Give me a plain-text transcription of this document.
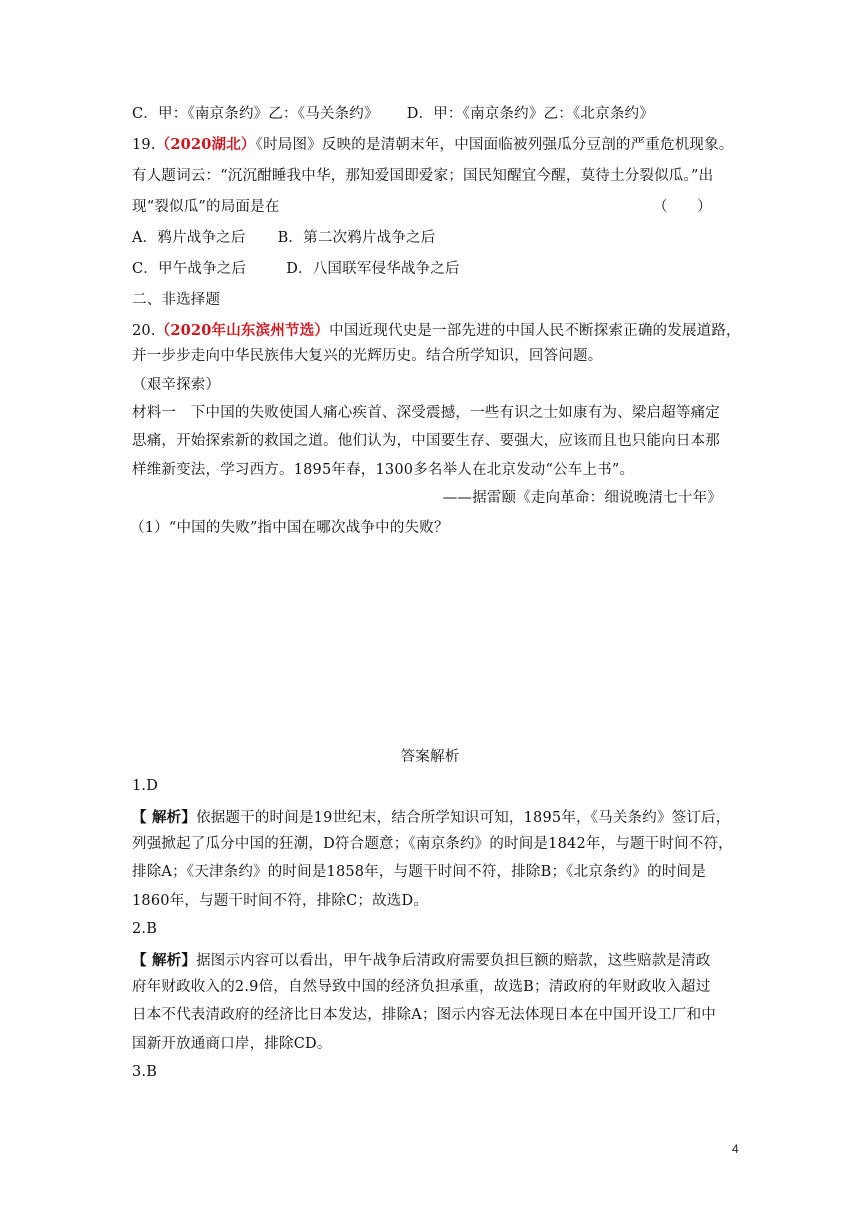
C．甲：《南京条约》乙：《马关条约》 D．甲：《南京条约》乙：《北京条约》
19.（2020湖北）《时局图》反映的是清朝末年，中国面临被列强瓜分豆剖的严重危机现象。
有人题词云：“沉沉酣睡我中华，那知爱国即爱家；国民知醒宜今醒，莫待土分裂似瓜。”出
现“裂似瓜”的局面是在	（　　）
A．鸦片战争之后 B．第二次鸦片战争之后
C．甲午战争之后	D．八国联军侵华战争之后
二、非选择题
20.（2020年山东滨州节选）中国近现代史是一部先进的中国人民不断探索正确的发展道路，
并一步步走向中华民族伟大复兴的光辉历史。结合所学知识，回答问题。
（艰辛探索）
材料一　下中国的失败使国人痛心疾首、深受震撼，一些有识之士如康有为、梁启超等痛定
思痛，开始探索新的救国之道。他们认为，中国要生存、要强大，应该而且也只能向日本那
样维新变法，学习西方。1895年春，1300多名举人在北京发动“公车上书”。
——据雷颐《走向革命：细说晚清七十年》
（1）“中国的失败”指中国在哪次战争中的失败？
答案解析
1.D
【 解析】依据题干的时间是19世纪末，结合所学知识可知，1895年，《马关条约》签订后，
列强掀起了瓜分中国的狂潮，D符合题意；《南京条约》的时间是1842年，与题干时间不符，
排除A；《天津条约》的时间是1858年，与题干时间不符，排除B；《北京条约》的时间是
1860年，与题干时间不符，排除C；故选D。
2.B
【 解析】据图示内容可以看出，甲午战争后清政府需要负担巨额的赔款，这些赔款是清政
府年财政收入的2.9倍，自然导致中国的经济负担承重，故选B；清政府的年财政收入超过
日本不代表清政府的经济比日本发达，排除A；图示内容无法体现日本在中国开设工厂和中
国新开放通商口岸，排除CD。
3.B
4
